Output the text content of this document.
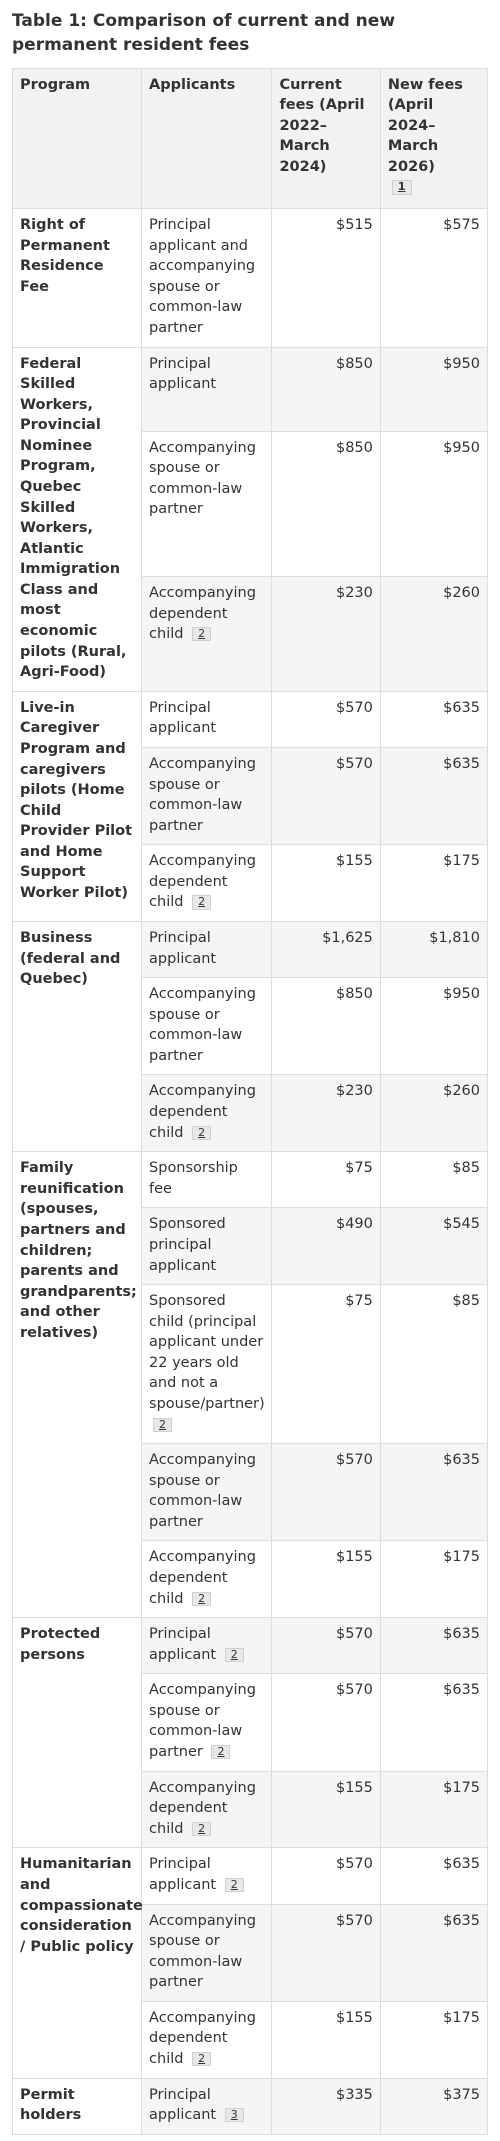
Table 1: Comparison of current and new permanent resident fees
Program	Applicants	Current fees (April 2022–March 2024)	New fees (April 2024–March 2026)
1
Right of Permanent Residence Fee	Principal applicant and accompanying spouse or common-law partner	$515	$575
Federal Skilled Workers, Provincial Nominee Program, Quebec Skilled Workers, Atlantic Immigration Class and most economic pilots (Rural, Agri-Food)	Principal applicant	$850	$950
	Accompanying spouse or common-law partner	$850	$950
	Accompanying dependent child 2	$230	$260
Live-in Caregiver Program and caregivers pilots (Home Child Provider Pilot and Home Support Worker Pilot)	Principal applicant	$570	$635
	Accompanying spouse or common-law partner	$570	$635
	Accompanying dependent child 2	$155	$175
Business (federal and Quebec)	Principal applicant	$1,625	$1,810
	Accompanying spouse or common-law partner	$850	$950
	Accompanying dependent child 2	$230	$260
Family reunification (spouses, partners and children; parents and grandparents; and other relatives)	Sponsorship fee	$75	$85
	Sponsored principal applicant	$490	$545
	Sponsored child (principal applicant under 22 years old and not a spouse/partner) 2	$75	$85
	Accompanying spouse or common-law partner	$570	$635
	Accompanying dependent child 2	$155	$175
Protected persons	Principal applicant 2	$570	$635
	Accompanying spouse or common-law partner 2	$570	$635
	Accompanying dependent child 2	$155	$175
Humanitarian and compassionate consideration / Public policy	Principal applicant 2	$570	$635
	Accompanying spouse or common-law partner	$570	$635
	Accompanying dependent child 2	$155	$175
Permit holders	Principal applicant 3	$335	$375
